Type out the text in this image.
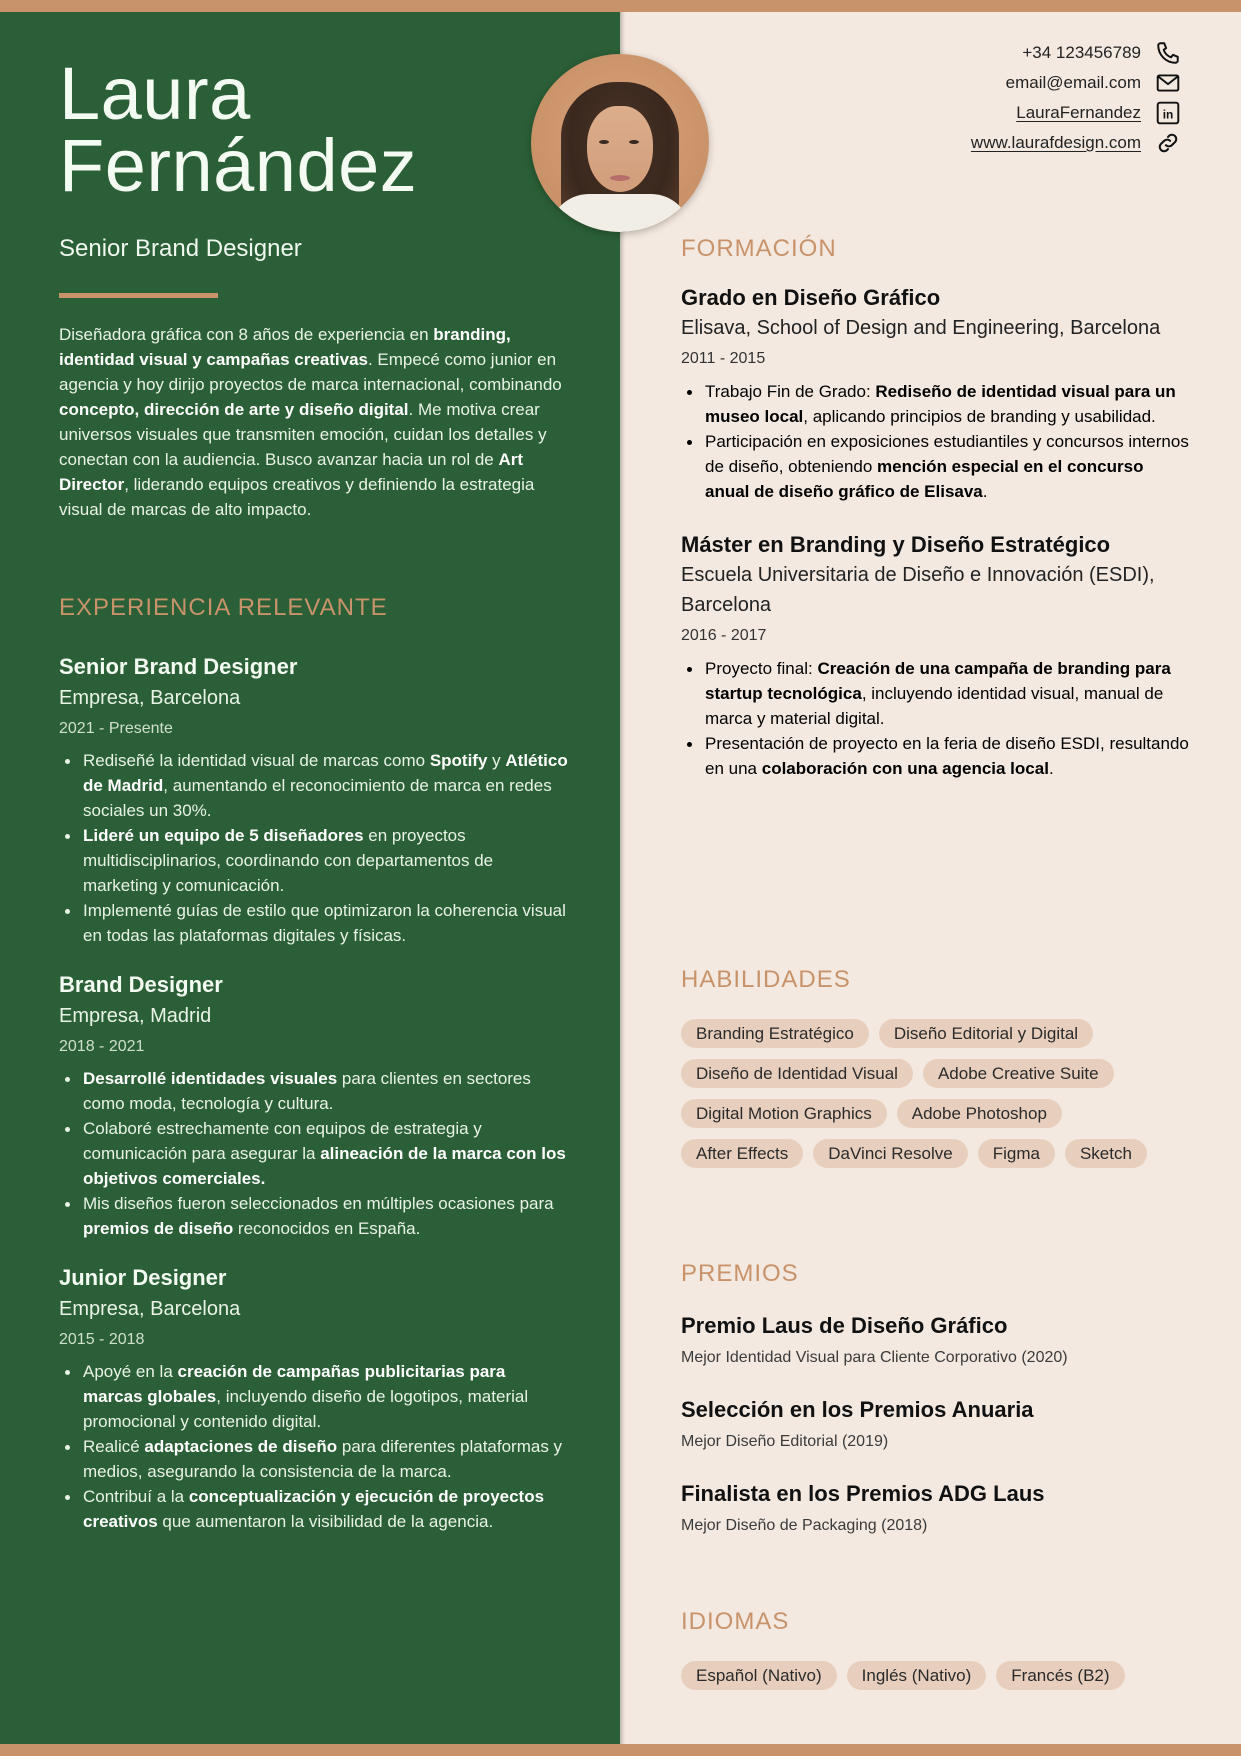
Laura
Fernández
Senior Brand Designer

Diseñadora gráfica con 8 años de experiencia en branding, identidad visual y campañas creativas. Empecé como junior en agencia y hoy dirijo proyectos de marca internacional, combinando concepto, dirección de arte y diseño digital. Me motiva crear universos visuales que transmiten emoción, cuidan los detalles y conectan con la audiencia. Busco avanzar hacia un rol de Art Director, liderando equipos creativos y definiendo la estrategia visual de marcas de alto impacto.

EXPERIENCIA RELEVANTE
Senior Brand Designer
Empresa, Barcelona
2021 - Presente
Rediseñé la identidad visual de marcas como Spotify y Atlético de Madrid, aumentando el reconocimiento de marca en redes sociales un 30%.
Lideré un equipo de 5 diseñadores en proyectos multidisciplinarios, coordinando con departamentos de marketing y comunicación.
Implementé guías de estilo que optimizaron la coherencia visual en todas las plataformas digitales y físicas.
Brand Designer
Empresa, Madrid
2018 - 2021
Desarrollé identidades visuales para clientes en sectores como moda, tecnología y cultura.
Colaboré estrechamente con equipos de estrategia y comunicación para asegurar la alineación de la marca con los objetivos comerciales.
Mis diseños fueron seleccionados en múltiples ocasiones para premios de diseño reconocidos en España.
Junior Designer
Empresa, Barcelona
2015 - 2018
Apoyé en la creación de campañas publicitarias para marcas globales, incluyendo diseño de logotipos, material promocional y contenido digital.
Realicé adaptaciones de diseño para diferentes plataformas y medios, asegurando la consistencia de la marca.
Contribuí a la conceptualización y ejecución de proyectos creativos que aumentaron la visibilidad de la agencia.
+34 123456789
email@email.com
LauraFernandez in
www.laurafdesign.com
FORMACIÓN
Grado en Diseño Gráfico
Elisava, School of Design and Engineering, Barcelona
2011 - 2015
Trabajo Fin de Grado: Rediseño de identidad visual para un museo local, aplicando principios de branding y usabilidad.
Participación en exposiciones estudiantiles y concursos internos de diseño, obteniendo mención especial en el concurso anual de diseño gráfico de Elisava.
Máster en Branding y Diseño Estratégico
Escuela Universitaria de Diseño e Innovación (ESDI), Barcelona
2016 - 2017
Proyecto final: Creación de una campaña de branding para startup tecnológica, incluyendo identidad visual, manual de marca y material digital.
Presentación de proyecto en la feria de diseño ESDI, resultando en una colaboración con una agencia local.
HABILIDADES
Branding Estratégico	Diseño Editorial y Digital
Diseño de Identidad Visual	Adobe Creative Suite
Digital Motion Graphics	Adobe Photoshop
After Effects	DaVinci Resolve	Figma	Sketch
PREMIOS
Premio Laus de Diseño Gráfico
Mejor Identidad Visual para Cliente Corporativo (2020)
Selección en los Premios Anuaria
Mejor Diseño Editorial (2019)
Finalista en los Premios ADG Laus
Mejor Diseño de Packaging (2018)
IDIOMAS
Español (Nativo)	Inglés (Nativo)	Francés (B2)
